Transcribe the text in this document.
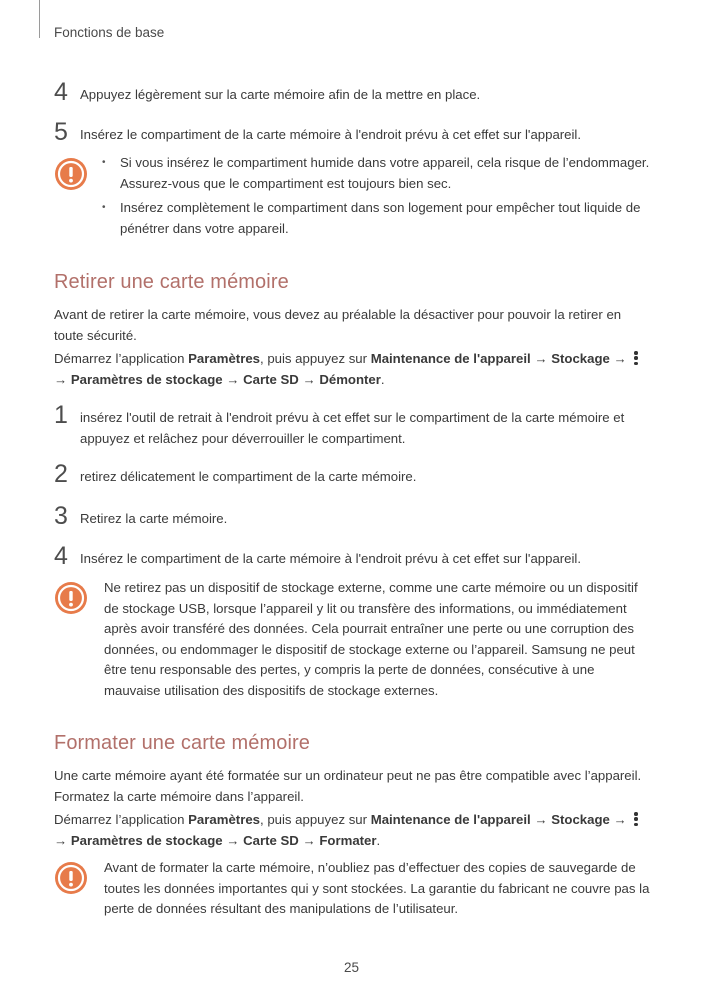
Fonctions de base
4 Appuyez légèrement sur la carte mémoire afin de la mettre en place.
5 Insérez le compartiment de la carte mémoire à l'endroit prévu à cet effet sur l'appareil.
• Si vous insérez le compartiment humide dans votre appareil, cela risque de l’endommager. Assurez-vous que le compartiment est toujours bien sec.
• Insérez complètement le compartiment dans son logement pour empêcher tout liquide de pénétrer dans votre appareil.
Retirer une carte mémoire

Avant de retirer la carte mémoire, vous devez au préalable la désactiver pour pouvoir la retirer en toute sécurité.

Démarrez l’application Paramètres, puis appuyez sur Maintenance de l'appareil → Stockage →

→ Paramètres de stockage → Carte SD → Démonter.

1 insérez l'outil de retrait à l'endroit prévu à cet effet sur le compartiment de la carte mémoire et appuyez et relâchez pour déverrouiller le compartiment.
2 retirez délicatement le compartiment de la carte mémoire.
3 Retirez la carte mémoire.
4 Insérez le compartiment de la carte mémoire à l'endroit prévu à cet effet sur l'appareil.

Ne retirez pas un dispositif de stockage externe, comme une carte mémoire ou un dispositif de stockage USB, lorsque l’appareil y lit ou transfère des informations, ou immédiatement après avoir transféré des données. Cela pourrait entraîner une perte ou une corruption des données, ou endommager le dispositif de stockage externe ou l’appareil. Samsung ne peut être tenu responsable des pertes, y compris la perte de données, consécutive à une mauvaise utilisation des dispositifs de stockage externes.

Formater une carte mémoire

Une carte mémoire ayant été formatée sur un ordinateur peut ne pas être compatible avec l’appareil. Formatez la carte mémoire dans l’appareil.

Démarrez l’application Paramètres, puis appuyez sur Maintenance de l'appareil → Stockage →

→ Paramètres de stockage → Carte SD → Formater.

Avant de formater la carte mémoire, n’oubliez pas d’effectuer des copies de sauvegarde de toutes les données importantes qui y sont stockées. La garantie du fabricant ne couvre pas la perte de données résultant des manipulations de l’utilisateur.

25
